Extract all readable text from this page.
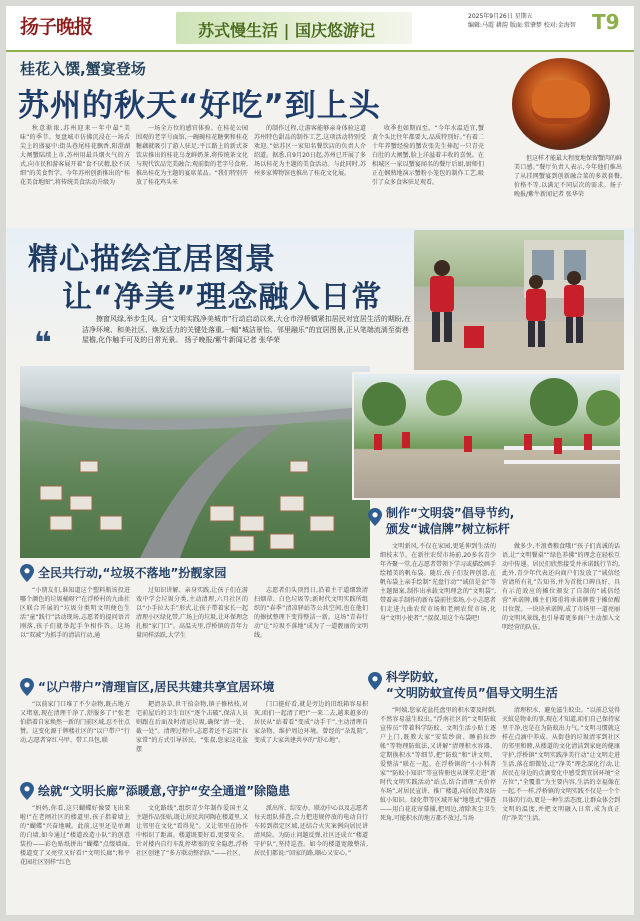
扬子晚报	苏式慢生活 | 国庆悠游记
2025年9月26日 星期五
编辑:马霞 耕韵 版面:常肇梦 校对:金海智 T9
桂花入馔,蟹宴登场
苏州的秋天“好吃”到上头

秋意渐浓,苏州迎来一年中最“美味”的季节。复盘城市仿佛沉浸在一场舌尖上的盛宴中:街头巷尾桂花飘香,阳澄湖大闸蟹陆续上市,苏州用最具烟火气的方式,向市民和游客展开着“食不厌精,脍不厌细”的美食哲学。今年苏州创新推出的“桂花美食地图”,将传统美食活动升级为

一场全方位的感官体验。在桂花公园围观的老字号面馆,一碗碗桂花糖粥和桂花糖藕就吸引了游人驻足;平江路上的新式茶饮店推出的桂花乌龙鲜奶茶,将传统茶文化与现代饮品完美融合;观前街的老字号食府,推出桂花为主题的宴席菜品。“我们特别开放了桂花鸡头米

的制作过程,让游客能够亲身体验这道苏州特色甜品的制作工艺,这项活动特别受欢迎。”姑苏区一家知名餐饮店的负责人介绍道。据悉,自9月20日起,苏州已开展了多场以桂花为主题的美食活动。与此同时,苏州多家博物馆也推出了桂花文化展。

收季也如期而至。“今年水温适宜,蟹黄个头比往年都要大,品质特别好。”有着二十年养蟹经验的蟹农张先生捧起一只青壳白肚的大闸蟹,脸上洋溢着丰收的喜悦。在相城区一家以蟹宴闻名的餐厅后厨,厨师们正在娴熟地演示蟹粉小笼包的制作工艺,吸引了众多食客驻足观看。

但这样才能最大程度地保留蟹肉的鲜美口感。”餐厅负责人表示,今年他们推出了从挂网蟹宴到创新融合菜的多款套餐,价格不等,以满足不同层次的需求。扬子晚报/紫牛新闻记者 张华荣

精心描绘宜居图景
让“净美”理念融入日常
❝
擦窗风绿,举步生风。自“文明实践净美城市”行动启动以来,大仓市浮桥镇紧扣居民对宜居生活的期盼,在洁净环境、和美社区、焕发活力的关键处落重,一幅“城洁景怡、邻里融乐”的宜居图景,正从笔端流淌至街巷屋檐,化作触手可及的日常光景。 扬子晚报/紫牛新闻记者 张华荣
制作“文明袋”倡导节约,
颁发“诚信牌”树立标杆

文明新风,不仅在家园,更延伸到生活的细枝末节。在新往农贸市场前,20多名青少年齐聚一堂,在志愿者带领下学习或描绘画手绘精美的帆布袋。随后,孩子们发挥创意,在帆布袋上亲手绘制“光盘行动”“诚信是金”等主题图案,制作出承载文明理念的“文明袋”,带着亲手制作的新布袋前往菜场,小小志愿者们走进九曲农贸市场和老闸农贸市场,化身“文明小使者”,“叔叔,用这个布袋吧!

做多少,不浪费粮食哦!”孩子们真诚的话语,让“文明餐桌”“绿色养佛”的理念在轻松互动中传递。居民们欣然接受并承诺践行节约,此外,青少年代表还向商户们发放了“诚信经营请所有礼”告知书,并为首批口碑良好、具有示范效应的摊位颁发了自制的“诚信经营”承诺牌,摊主们郑重将承诺牌置于摊位醒目位置。一块块承诺牌,成了市场里一道亮丽的文明风景线,也引导着更多商户主动加入文明经营的队伍。

全民共行动,“垃圾不落地”扮靓家园

“小朋友们,谁知道这个塑料瓶该投进哪个颜色的垃圾桶呀?”在浮桥村的九曲社区联合开展的“垃圾分类明文明便色生活”童“践行”活动现场,志愿者的提问语音刚落,孩子们就举起手争相作答。这场以“双减”为抓手的清洁行动,通

过知识讲解、亲身实践,让孩子们在游戏中学会垃圾分类,主动清理,六月社区的以“小手拉大手”形式,让孩子带着家长一起清理小区绿化带,广场上的垃圾,让环保理念扎根“家门口”。高温天里,浮桥镇的青年力量同样活跃,大学生

志愿者们头顶烈日,沿着主干道细致清扫烟蒂、白色垃圾等;新时代文明实践所组织的“春季”清凉驿站等公共空间,也在他们的擦拭整理下变得整洁一新。这场“青春行动”让“垃圾不落地”成为了一道靓丽的文明线。

“以户带户”清理盲区,居民共建共享宜居环境

“以前家门口堆了不少杂物,既占地方又堵塞,现在清理干净了,舒服多了!”张老伯指着自家焕然一新的门前区域,忍不住点赞。这变化源于牌楼社区的“以户带户”行动,志愿者穿红马甲、带工具包,联

耙清杂草,世干拾杂物,镇子修枯枝,对宅前屋后的卫生盲区“逐个击破”,保洁人员则跟在后面及时清运垃圾,确保“清一处、截一处”。清理过程中,志愿者还不忘用“拉家常”的方式引导居民。“张叔,您家这花盆摆

门口挺好看,就是旁边的旧纸箱容易积灰,咱们一起清了吧!”一来二去,越来越多的居民从“站着看”变成“动手干”,主动清理自家杂物、维护周边环境。曾经的“杂乱院”,变成了大家共建共享的“舒心地”。

科学防蚊,
“文明防蚊宣传员”倡导文明生活

“阿姨,您家花盆托盘里的积水要及时倒,不然容易滋生蚊虫。”浮南社区的“文明防蚊宣传员”带着科学防蚊、文明生活小贴士逐户上门,既教大家“安装纱窗、睡前拉纱帐”等物理防蚊法,又讲解“清理积水容器、定期换积水”等细节,把“防蚊”和“讲文明、爱整洁”联在一起。在浮桥镇的“小小科普家”“防蚊小知识”等宣传册也从课堂走进“新时代文明实践活动”站点,结合清理“天价停车场”,对居民宣讲、推广楼道,向居民普及防蚊小知识。绿化带等区域开展“地毯式”排查——用白花花帘幕捕,把周边,清除灰尘卫生死角,可能积水的地方都不放过,当场

清理积水、避免滋生蚊虫。“以前总觉得灭蚊是物业的事,现在才知道,咱们自己保持家里干净,也是在为防蚊出力气。”文明习惯就这样在点滴中养成。从街巷的垃圾清零到社区的邻里和睦,从楼道的文化清洁到家庭的健康守护,浮桥镇“文明实践净美行动”让文明走进生活,落在细微处,让“净美”理念深化行动,让居民在身边的点滴变化中感受到宜居环境“全方位”,“全覆盖”为主要内容,生活的幸福像在一起,不一样,浮桥镇的文明实践不仅是一个个具体的行动,更是一种生活态度,让群众体会到文明的温度,并把文明融入日常,成为真正的“净美”生活。

绘就“文明长廊”添暖意,守护“安全通道”除隐患

“妈妈,你看,这只蝴蝶好像要飞出来啦!”在老闸社区的楼道里,孩子指着墙上的“蝴蝶”兴奋地喊。此前,这里还是单调的白墙,如今通过“楼道改造小队”的创意装扮——彩色贴纸拼出“蝴蝶”点缀墙面,楼道变了又亮堂又好看!“文明长廊”;和平花园社区别样“红色

文化路线”,组织青少年制作爱国主义主题作品张贴,既让居民共同陶在楼道里,又让邻里在文化“看得见”。又让邻里在协作中相识了距离。楼道既要好看,更要安全。针对楼内自行车乱停堵塞的安全隐患,浮桥社区创建了“多方联动整治队”——社区、

派出所、综安办、联动中心以及志愿者每天组队排查,合力把违规停放的电动自行车转到指定区域,还结合火灾案例向居民讲清风险。为防止问题反弹,社区还成立“楼道守护队”,坚持巡查。如今的楼道宽敞整洁,居民们都说:“回家的路,顺心又安心。”
